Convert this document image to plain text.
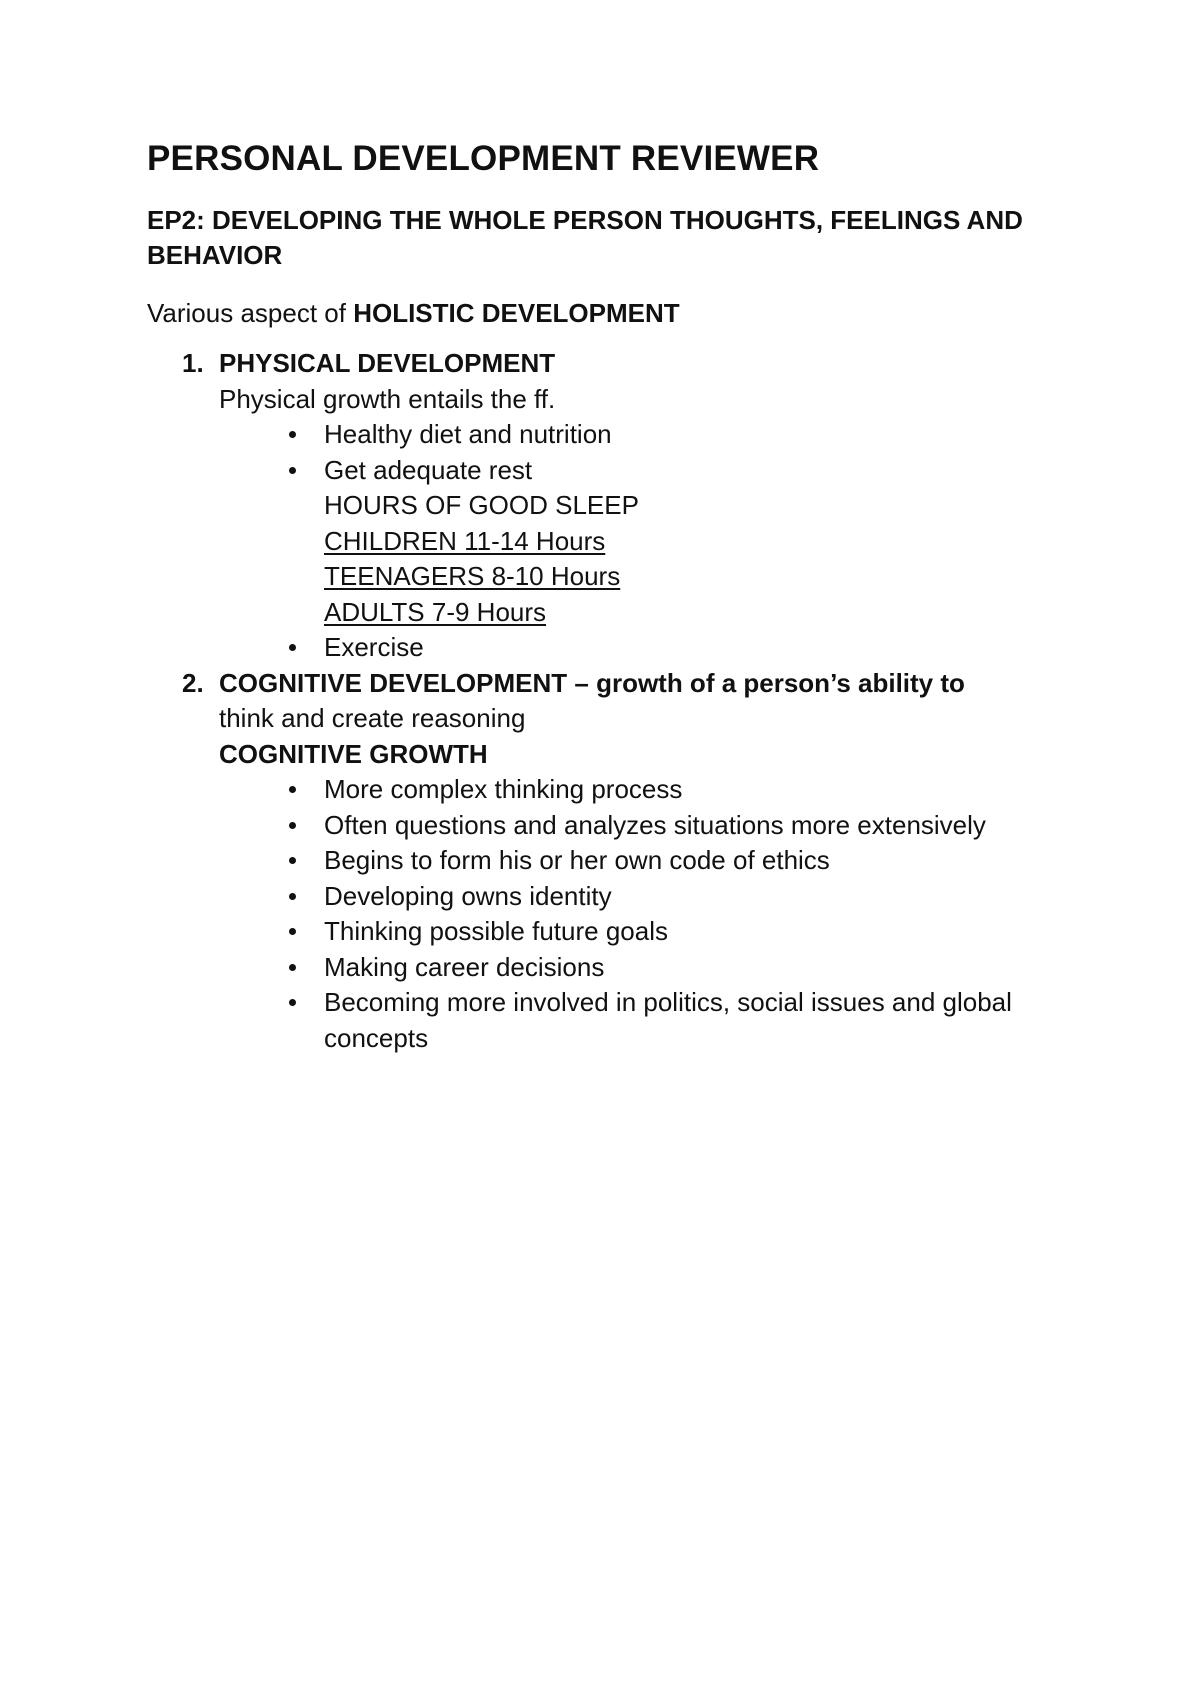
PERSONAL DEVELOPMENT REVIEWER

EP2: DEVELOPING THE WHOLE PERSON THOUGHTS, FEELINGS AND BEHAVIOR

Various aspect of HOLISTIC DEVELOPMENT

1. PHYSICAL DEVELOPMENT
Physical growth entails the ff.
Healthy diet and nutrition
Get adequate rest
HOURS OF GOOD SLEEP
CHILDREN 11-14 Hours
TEENAGERS 8-10 Hours
ADULTS 7-9 Hours
Exercise
2. COGNITIVE DEVELOPMENT – growth of a person’s ability to
think and create reasoning
COGNITIVE GROWTH
More complex thinking process
Often questions and analyzes situations more extensively
Begins to form his or her own code of ethics
Developing owns identity
Thinking possible future goals
Making career decisions
Becoming more involved in politics, social issues and global concepts
